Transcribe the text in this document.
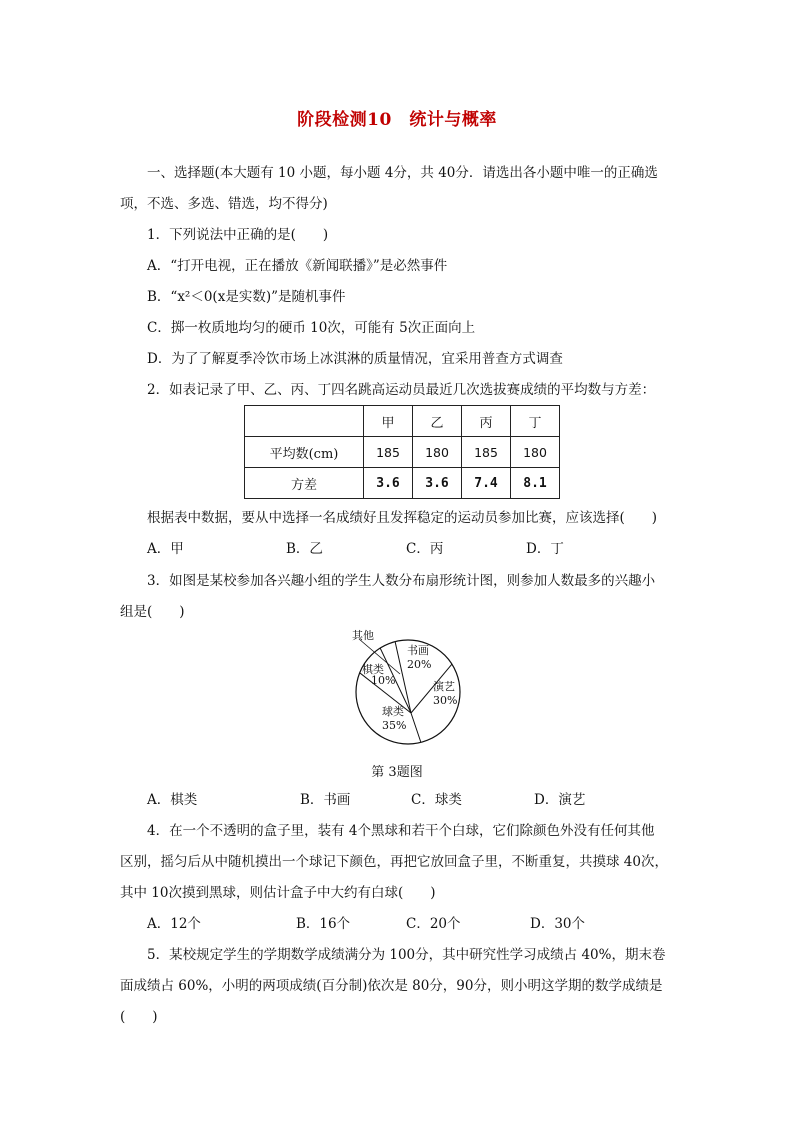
阶段检测10　统计与概率
一、选择题(本大题有 10 小题，每小题 4分，共 40分．请选出各小题中唯一的正确选
项，不选、多选、错选，均不得分)
1．下列说法中正确的是(　　)
A．“打开电视，正在播放《新闻联播》”是必然事件
B．“x²＜0(x是实数)”是随机事件
C．掷一枚质地均匀的硬币 10次，可能有 5次正面向上
D．为了了解夏季冷饮市场上冰淇淋的质量情况，宜采用普查方式调查
2．如表记录了甲、乙、丙、丁四名跳高运动员最近几次选拔赛成绩的平均数与方差：
	甲	乙	丙	丁
平均数(cm)	185	180	185	180
方差	3.6	3.6	7.4	8.1
根据表中数据，要从中选择一名成绩好且发挥稳定的运动员参加比赛，应该选择(　　)
A．甲	B．乙	C．丙	D．丁
3．如图是某校参加各兴趣小组的学生人数分布扇形统计图，则参加人数最多的兴趣小
组是(　　)
其他
书画
20%
演艺
30%
球类
35%
棋类
10%
第 3题图
A．棋类	B．书画	C．球类	D．演艺
4．在一个不透明的盒子里，装有 4个黑球和若干个白球，它们除颜色外没有任何其他
区别，摇匀后从中随机摸出一个球记下颜色，再把它放回盒子里，不断重复，共摸球 40次，
其中 10次摸到黑球，则估计盒子中大约有白球(　　)
A．12个	B．16个	C．20个	D．30个
5．某校规定学生的学期数学成绩满分为 100分，其中研究性学习成绩占 40%，期末卷
面成绩占 60%，小明的两项成绩(百分制)依次是 80分，90分，则小明这学期的数学成绩是
(　　)
